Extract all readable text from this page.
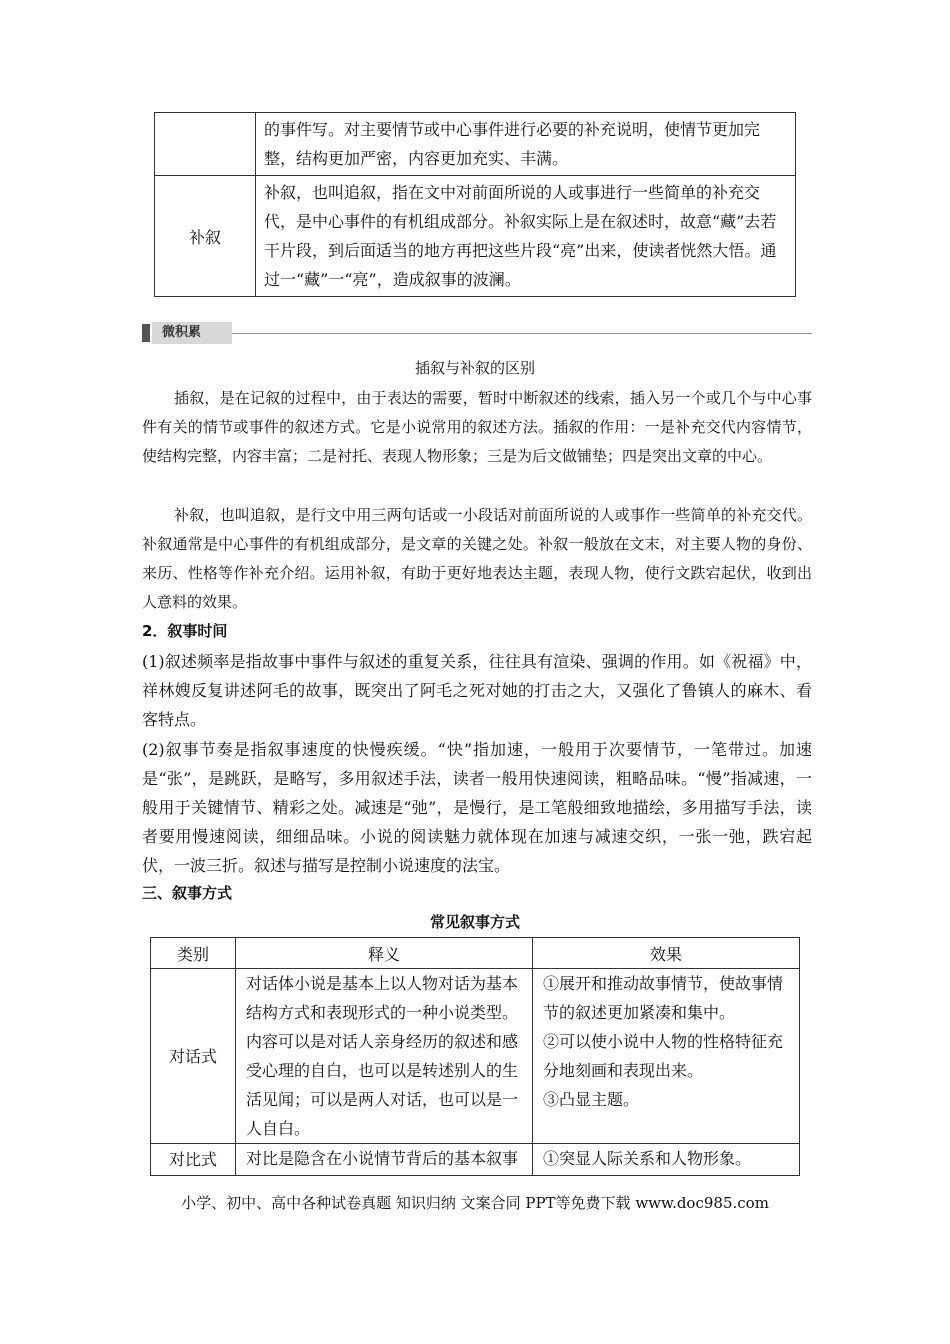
	的事件写。对主要情节或中心事件进行必要的补充说明，使情节更加完整，结构更加严密，内容更加充实、丰满。
补叙	补叙，也叫追叙，指在文中对前面所说的人或事进行一些简单的补充交代，是中心事件的有机组成部分。补叙实际上是在叙述时，故意“藏”去若干片段，到后面适当的地方再把这些片段“亮”出来，使读者恍然大悟。通过一“藏”一“亮”，造成叙事的波澜。
微积累
插叙与补叙的区别
插叙，是在记叙的过程中，由于表达的需要，暂时中断叙述的线索，插入另一个或几个与中心事件有关的情节或事件的叙述方式。它是小说常用的叙述方法。插叙的作用：一是补充交代内容情节，使结构完整，内容丰富；二是衬托、表现人物形象；三是为后文做铺垫；四是突出文章的中心。
补叙，也叫追叙，是行文中用三两句话或一小段话对前面所说的人或事作一些简单的补充交代。补叙通常是中心事件的有机组成部分，是文章的关键之处。补叙一般放在文末，对主要人物的身份、来历、性格等作补充介绍。运用补叙，有助于更好地表达主题，表现人物，使行文跌宕起伏，收到出人意料的效果。
2．叙事时间
(1)叙述频率是指故事中事件与叙述的重复关系，往往具有渲染、强调的作用。如《祝福》中，祥林嫂反复讲述阿毛的故事，既突出了阿毛之死对她的打击之大，又强化了鲁镇人的麻木、看客特点。
(2)叙事节奏是指叙事速度的快慢疾缓。“快”指加速，一般用于次要情节，一笔带过。加速是“张”，是跳跃，是略写，多用叙述手法，读者一般用快速阅读，粗略品味。“慢”指减速，一般用于关键情节、精彩之处。减速是“弛”，是慢行，是工笔般细致地描绘，多用描写手法，读者要用慢速阅读，细细品味。小说的阅读魅力就体现在加速与减速交织，一张一弛，跌宕起伏，一波三折。叙述与描写是控制小说速度的法宝。
三、叙事方式
常见叙事方式
类别	释义	效果
对话式	对话体小说是基本上以人物对话为基本结构方式和表现形式的一种小说类型。内容可以是对话人亲身经历的叙述和感受心理的自白，也可以是转述别人的生活见闻；可以是两人对话，也可以是一人自白。	①展开和推动故事情节，使故事情节的叙述更加紧凑和集中。
②可以使小说中人物的性格特征充分地刻画和表现出来。
③凸显主题。

对比式	对比是隐含在小说情节背后的基本叙事	①突显人际关系和人物形象。
小学、初中、高中各种试卷真题 知识归纳 文案合同 PPT等免费下载 www.doc985.com
